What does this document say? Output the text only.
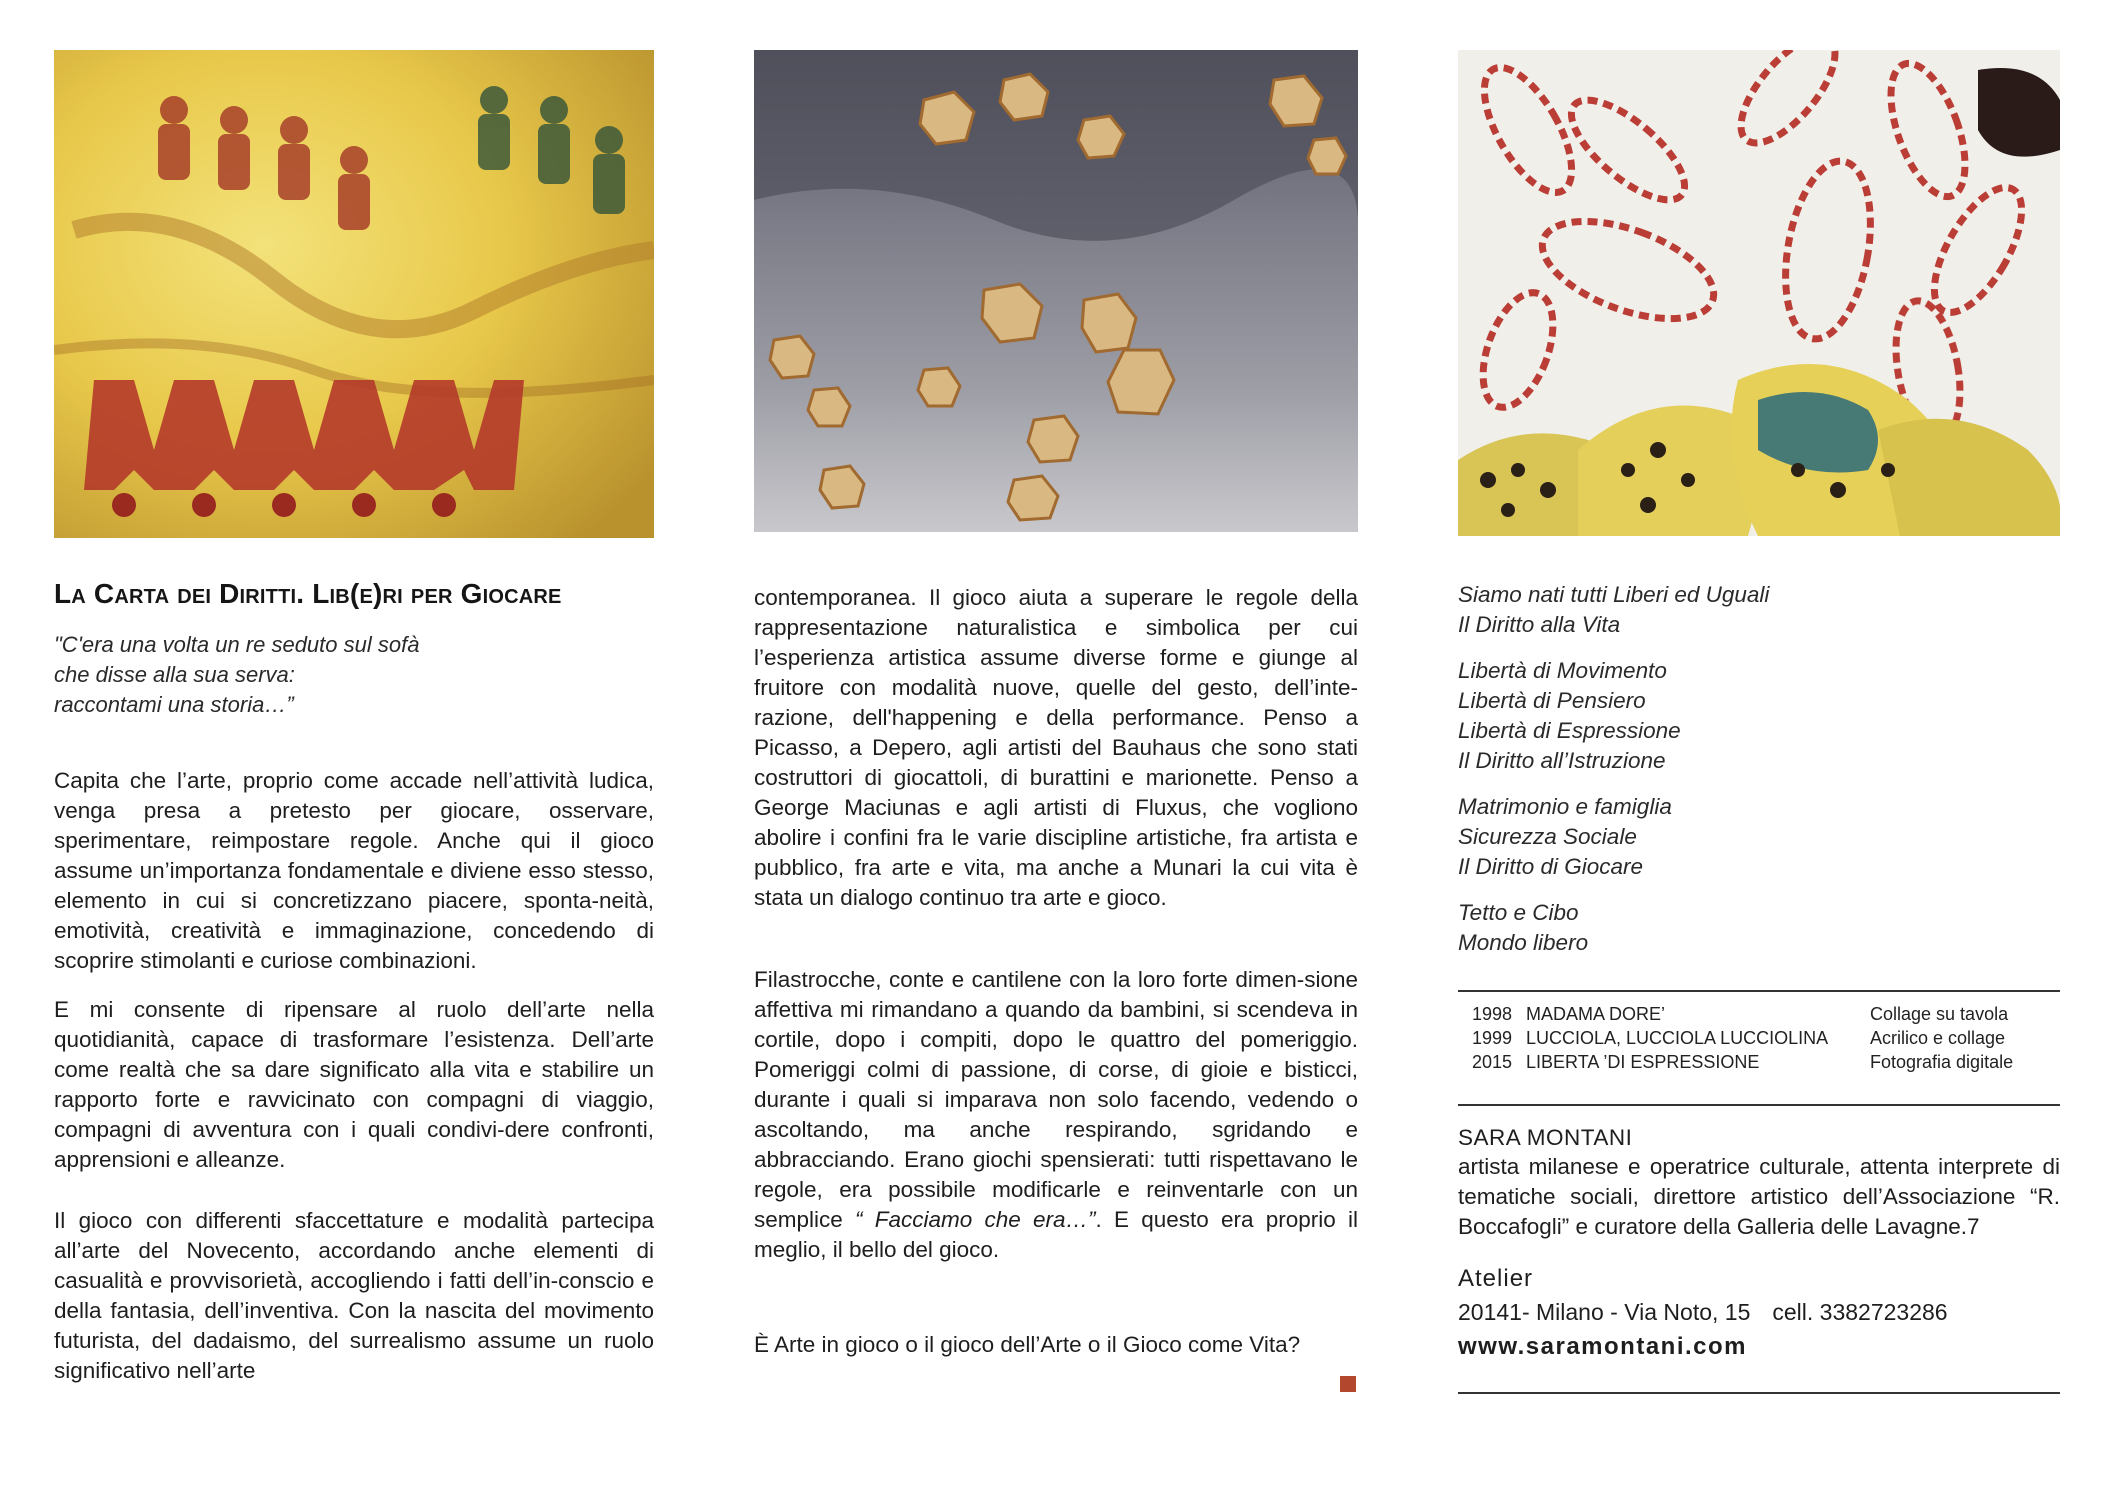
La Carta dei Diritti. Lib(e)ri per Giocare
"C'era una volta un re seduto sul sofà
che disse alla sua serva:
raccontami una storia…”

Capita che l’arte, proprio come accade nell’attività ludica, venga presa a pretesto per giocare, osservare, sperimentare, reimpostare regole. Anche qui il gioco assume un’importanza fondamentale e diviene esso stesso, elemento in cui si concretizzano piacere, sponta-neità, emotività, creatività e immaginazione, concedendo di scoprire stimolanti e curiose combinazioni.

E mi consente di ripensare al ruolo dell’arte nella quotidianità, capace di trasformare l’esistenza. Dell’arte come realtà che sa dare significato alla vita e stabilire un rapporto forte e ravvicinato con compagni di viaggio, compagni di avventura con i quali condivi-dere confronti, apprensioni e alleanze.

Il gioco con differenti sfaccettature e modalità partecipa all’arte del Novecento, accordando anche elementi di casualità e provvisorietà, accogliendo i fatti dell’in-conscio e della fantasia, dell’inventiva. Con la nascita del movimento futurista, del dadaismo, del surrealismo assume un ruolo significativo nell’arte

contemporanea. Il gioco aiuta a superare le regole della rappresentazione naturalistica e simbolica per cui l’esperienza artistica assume diverse forme e giunge al fruitore con modalità nuove, quelle del gesto, dell’inte-razione, dell'happening e della performance. Penso a Picasso, a Depero, agli artisti del Bauhaus che sono stati costruttori di giocattoli, di burattini e marionette. Penso a George Maciunas e agli artisti di Fluxus, che vogliono abolire i confini fra le varie discipline artistiche, fra artista e pubblico, fra arte e vita, ma anche a Munari la cui vita è stata un dialogo continuo tra arte e gioco.

Filastrocche, conte e cantilene con la loro forte dimen-sione affettiva mi rimandano a quando da bambini, si scendeva in cortile, dopo i compiti, dopo le quattro del pomeriggio. Pomeriggi colmi di passione, di corse, di gioie e bisticci, durante i quali si imparava non solo facendo, vedendo o ascoltando, ma anche respirando, sgridando e abbracciando. Erano giochi spensierati: tutti rispettavano le regole, era possibile modificarle e reinventarle con un semplice “ Facciamo che era…”. E questo era proprio il meglio, il bello del gioco.

È Arte in gioco o il gioco dell’Arte o il Gioco come Vita?

Siamo nati tutti Liberi ed Uguali
Il Diritto alla Vita
Libertà di Movimento
Libertà di Pensiero
Libertà di Espressione
Il Diritto all’Istruzione
Matrimonio e famiglia
Sicurezza Sociale
Il Diritto di Giocare
Tetto e Cibo
Mondo libero
1998 MADAMA DORE’	Collage su tavola
1999 LUCCIOLA, LUCCIOLA LUCCIOLINA	Acrilico e collage
2015 LIBERTA ’DI ESPRESSIONE	Fotografia digitale
SARA MONTANI

artista milanese e operatrice culturale, attenta interprete di tematiche sociali, direttore artistico dell’Associazione “R. Boccafogli” e curatore della Galleria delle Lavagne.7

Atelier
20141- Milano - Via Noto, 15 cell. 3382723286
www.saramontani.com
